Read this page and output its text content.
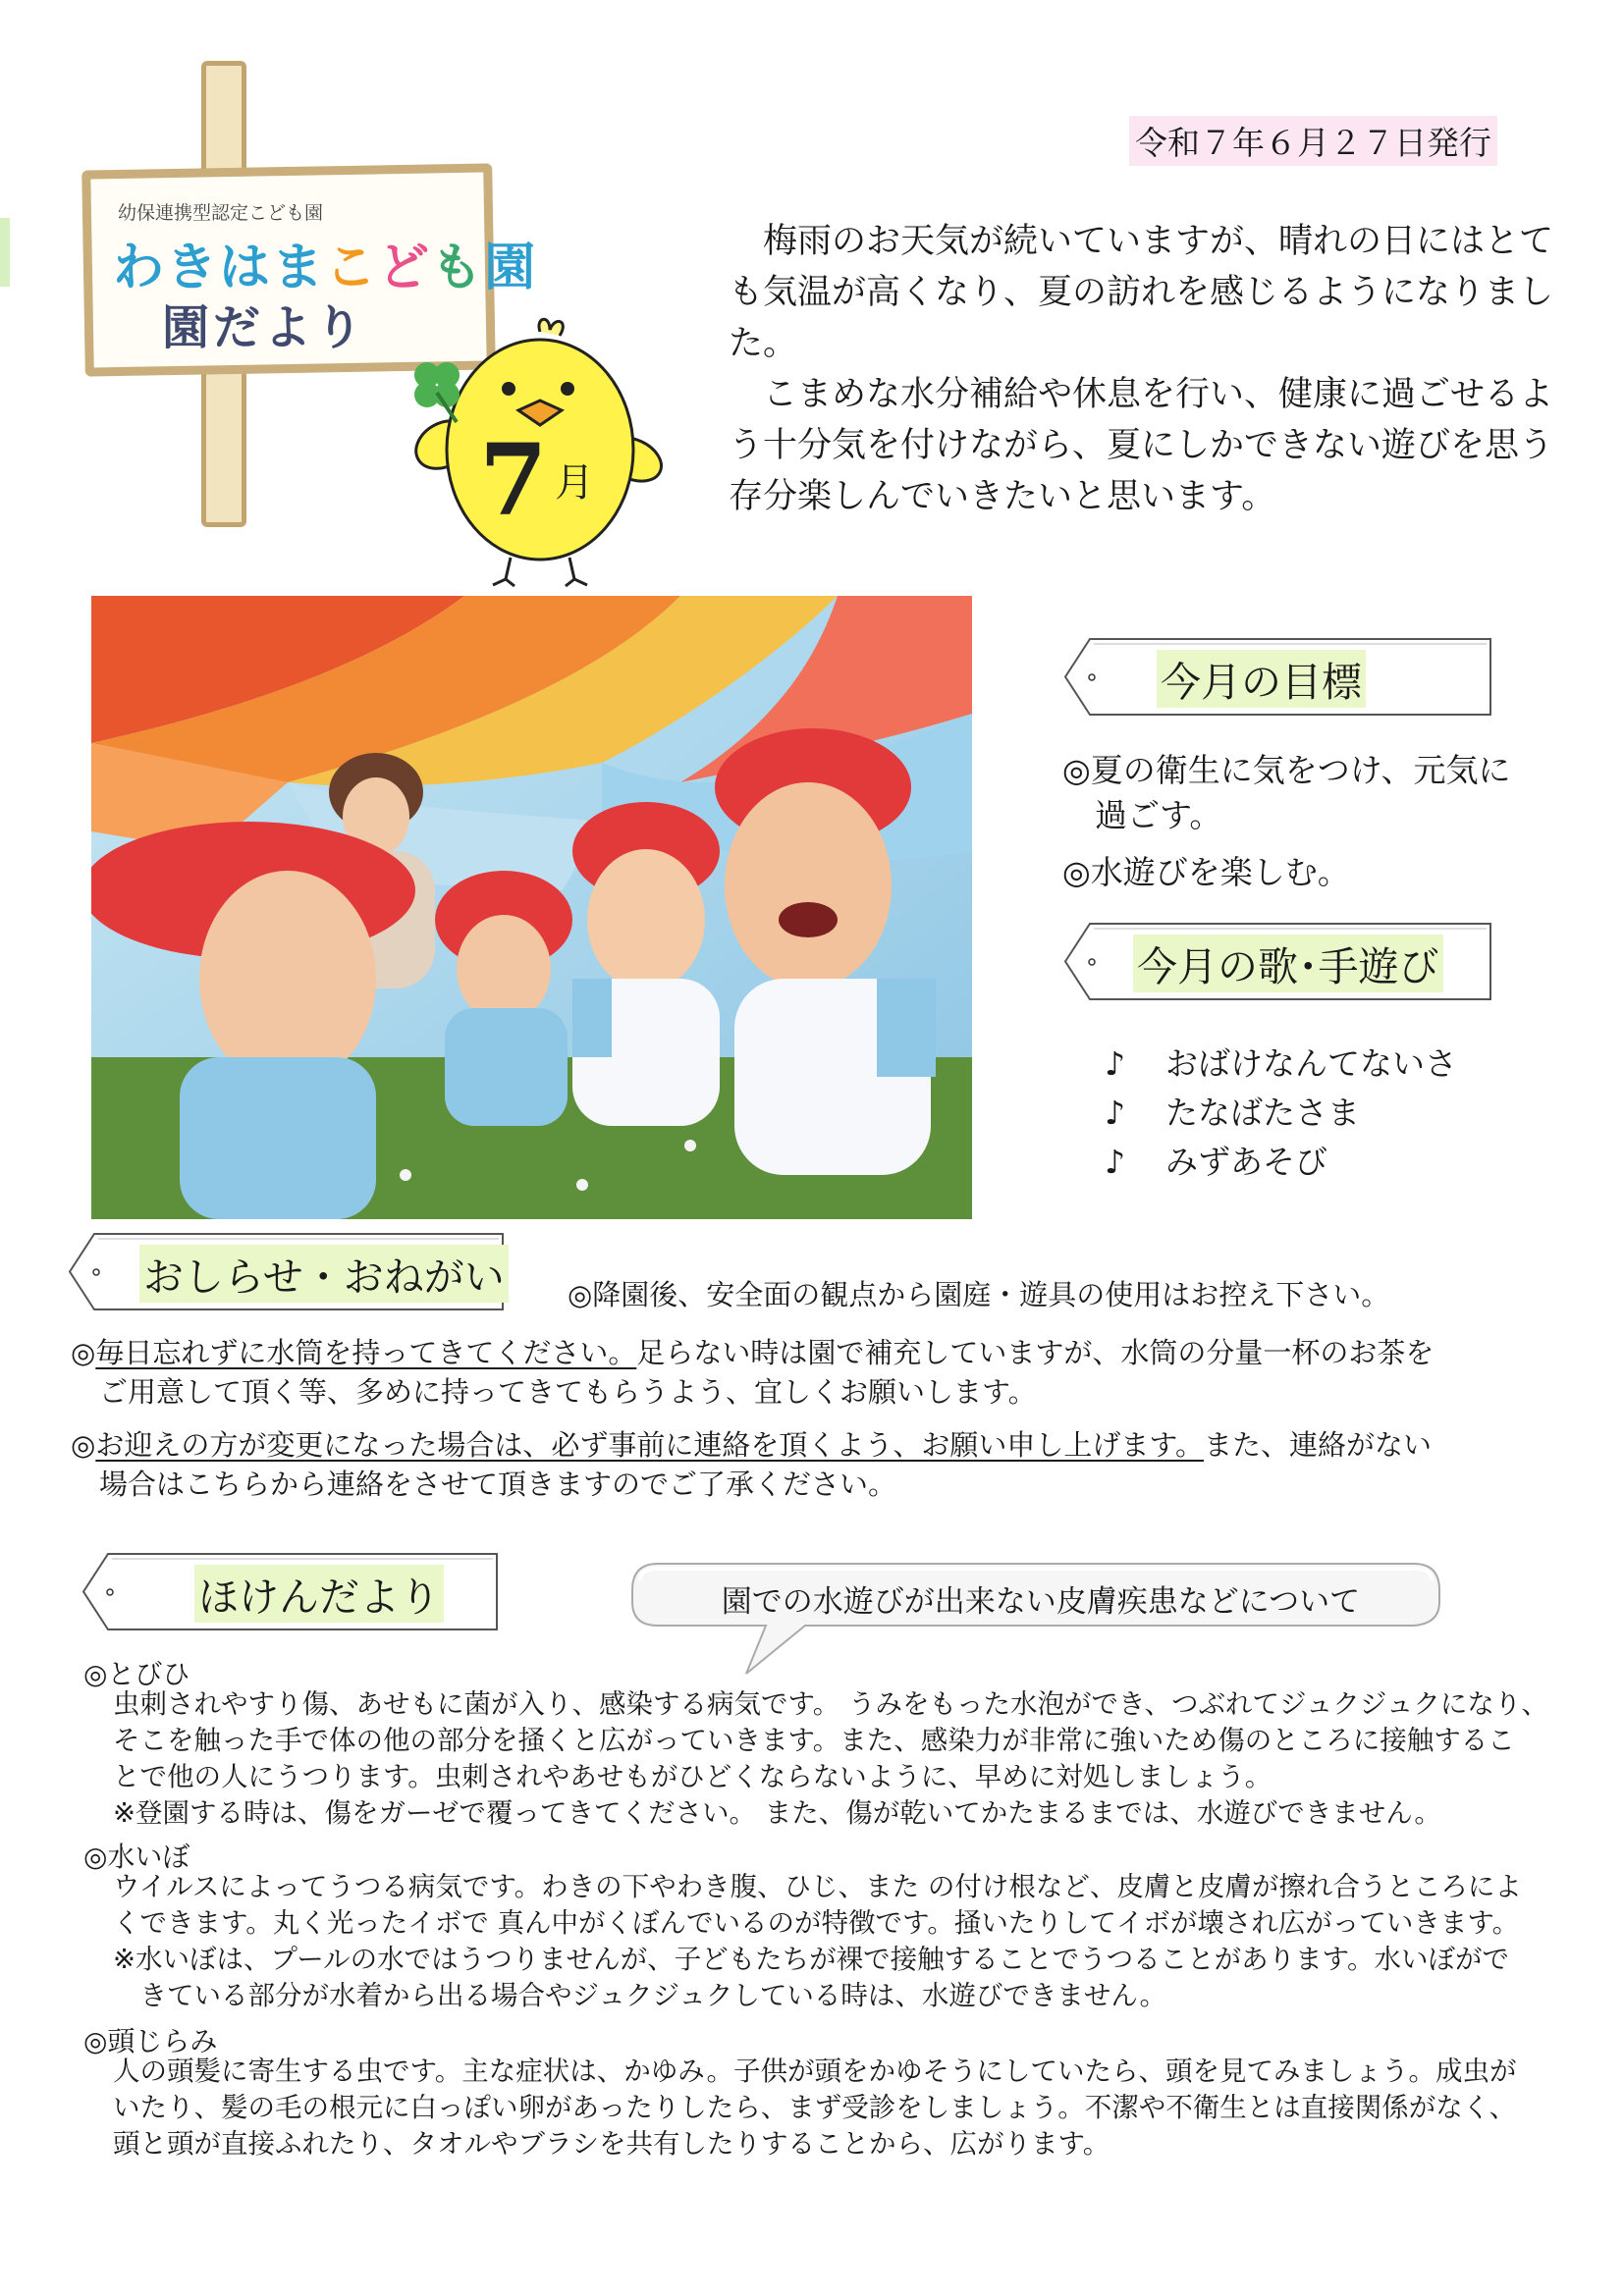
令和７年６月２７日発行
幼保連携型認定こども園
わきはまこども園
園だより
7 月

梅雨のお天気が続いていますが、晴れの日にはとても気温が高くなり、夏の訪れを感じるようになりました。

こまめな水分補給や休息を行い、健康に過ごせるよう十分気を付けながら、夏にしかできない遊びを思う存分楽しんでいきたいと思います。

今月の目標
◎夏の衛生に気をつけ、元気に
過ごす。
◎水遊びを楽しむ。
今月の歌･手遊び
♪ おばけなんてないさ
♪ たなばたさま
♪ みずあそび
おしらせ・おねがい ◎降園後、安全面の観点から園庭・遊具の使用はお控え下さい。
◎毎日忘れずに水筒を持ってきてください。足らない時は園で補充していますが、水筒の分量一杯のお茶を
ご用意して頂く等、多めに持ってきてもらうよう、宜しくお願いします。
◎お迎えの方が変更になった場合は、必ず事前に連絡を頂くよう、お願い申し上げます。また、連絡がない
場合はこちらから連絡をさせて頂きますのでご了承ください。
ほけんだより	園での水遊びが出来ない皮膚疾患などについて
◎とびひ
虫刺されやすり傷、あせもに菌が入り、感染する病気です。 うみをもった水泡ができ、つぶれてジュクジュクになり、
そこを触った手で体の他の部分を掻くと広がっていきます。また、感染力が非常に強いため傷のところに接触するこ
とで他の人にうつります。虫刺されやあせもがひどくならないように、早めに対処しましょう。
※登園する時は、傷をガーゼで覆ってきてください。 また、傷が乾いてかたまるまでは、水遊びできません。
◎水いぼ
ウイルスによってうつる病気です。わきの下やわき腹、ひじ、また の付け根など、皮膚と皮膚が擦れ合うところによ
くできます。丸く光ったイボで 真ん中がくぼんでいるのが特徴です。掻いたりしてイボが壊され広がっていきます。
※水いぼは、プールの水ではうつりませんが、子どもたちが裸で接触することでうつることがあります。水いぼがで
きている部分が水着から出る場合やジュクジュクしている時は、水遊びできません。
◎頭じらみ
人の頭髪に寄生する虫です。主な症状は、かゆみ。子供が頭をかゆそうにしていたら、頭を見てみましょう。成虫が
いたり、髪の毛の根元に白っぽい卵があったりしたら、まず受診をしましょう。不潔や不衛生とは直接関係がなく、
頭と頭が直接ふれたり、タオルやブラシを共有したりすることから、広がります。
